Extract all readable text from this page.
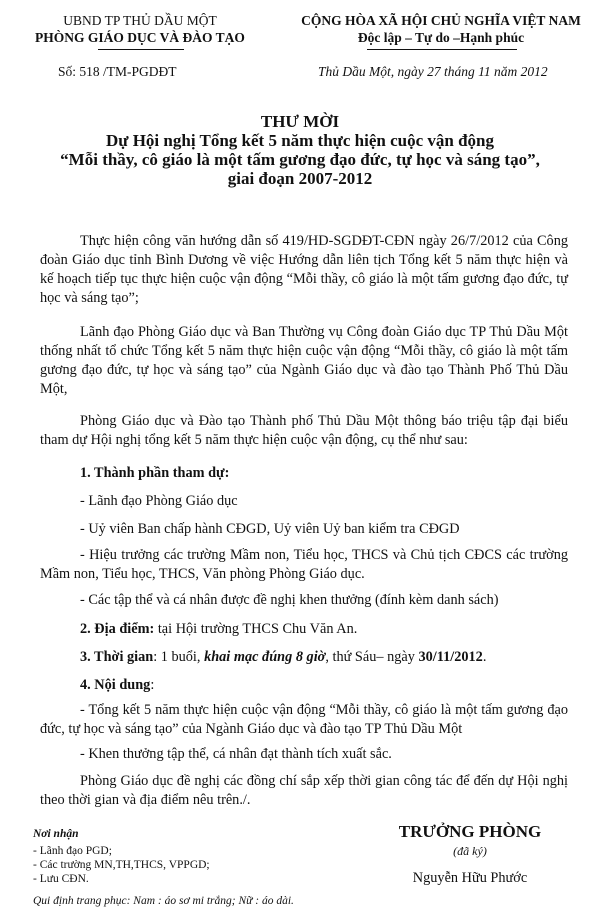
UBND TP THỦ DẦU MỘT
PHÒNG GIÁO DỤC VÀ ĐÀO TẠO
CỘNG HÒA XÃ HỘI CHỦ NGHĨA VIỆT NAM
Độc lập – Tự do –Hạnh phúc
Số: 518 /TM-PGDĐT	Thủ Dầu Một, ngày 27 tháng 11 năm 2012
THƯ MỜI
Dự Hội nghị Tổng kết 5 năm thực hiện cuộc vận động
“Mỗi thầy, cô giáo là một tấm gương đạo đức, tự học và sáng tạo”,
giai đoạn 2007-2012
Thực hiện công văn hướng dẫn số 419/HD-SGDĐT-CĐN ngày 26/7/2012 của Công đoàn Giáo dục tỉnh Bình Dương về việc Hướng dẫn liên tịch Tổng kết 5 năm thực hiện và kế hoạch tiếp tục thực hiện cuộc vận động “Mỗi thầy, cô giáo là một tấm gương đạo đức, tự học và sáng tạo”;
Lãnh đạo Phòng Giáo dục và Ban Thường vụ Công đoàn Giáo dục TP Thủ Dầu Một thống nhất tổ chức Tổng kết 5 năm thực hiện cuộc vận động “Mỗi thầy, cô giáo là một tấm gương đạo đức, tự học và sáng tạo” của Ngành Giáo dục và đào tạo Thành Phố Thủ Dầu Một,
Phòng Giáo dục và Đào tạo Thành phố Thủ Dầu Một thông báo triệu tập đại biểu tham dự Hội nghị tổng kết 5 năm thực hiện cuộc vận động, cụ thể như sau:
1. Thành phần tham dự:
- Lãnh đạo Phòng Giáo dục
- Uỷ viên Ban chấp hành CĐGD, Uỷ viên Uỷ ban kiểm tra CĐGD
- Hiệu trưởng các trường Mầm non, Tiểu học, THCS và Chủ tịch CĐCS các trường Mầm non, Tiểu học, THCS, Văn phòng Phòng Giáo dục.
- Các tập thể và cá nhân được đề nghị khen thưởng (đính kèm danh sách)
2. Địa điểm: tại Hội trường THCS Chu Văn An.
3. Thời gian: 1 buổi, khai mạc đúng 8 giờ, thứ Sáu– ngày 30/11/2012.
4. Nội dung:
- Tổng kết 5 năm thực hiện cuộc vận động “Mỗi thầy, cô giáo là một tấm gương đạo đức, tự học và sáng tạo” của Ngành Giáo dục và đào tạo TP Thủ Dầu Một
- Khen thưởng tập thể, cá nhân đạt thành tích xuất sắc.
Phòng Giáo dục đề nghị các đồng chí sắp xếp thời gian công tác để đến dự Hội nghị theo thời gian và địa điểm nêu trên./.
Nơi nhận
- Lãnh đạo PGD;
- Các trường MN,TH,THCS, VPPGD;
- Lưu CĐN.
TRƯỞNG PHÒNG
(đã ký)
Nguyễn Hữu Phước
Qui định trang phục: Nam : áo sơ mi trắng; Nữ : áo dài.
